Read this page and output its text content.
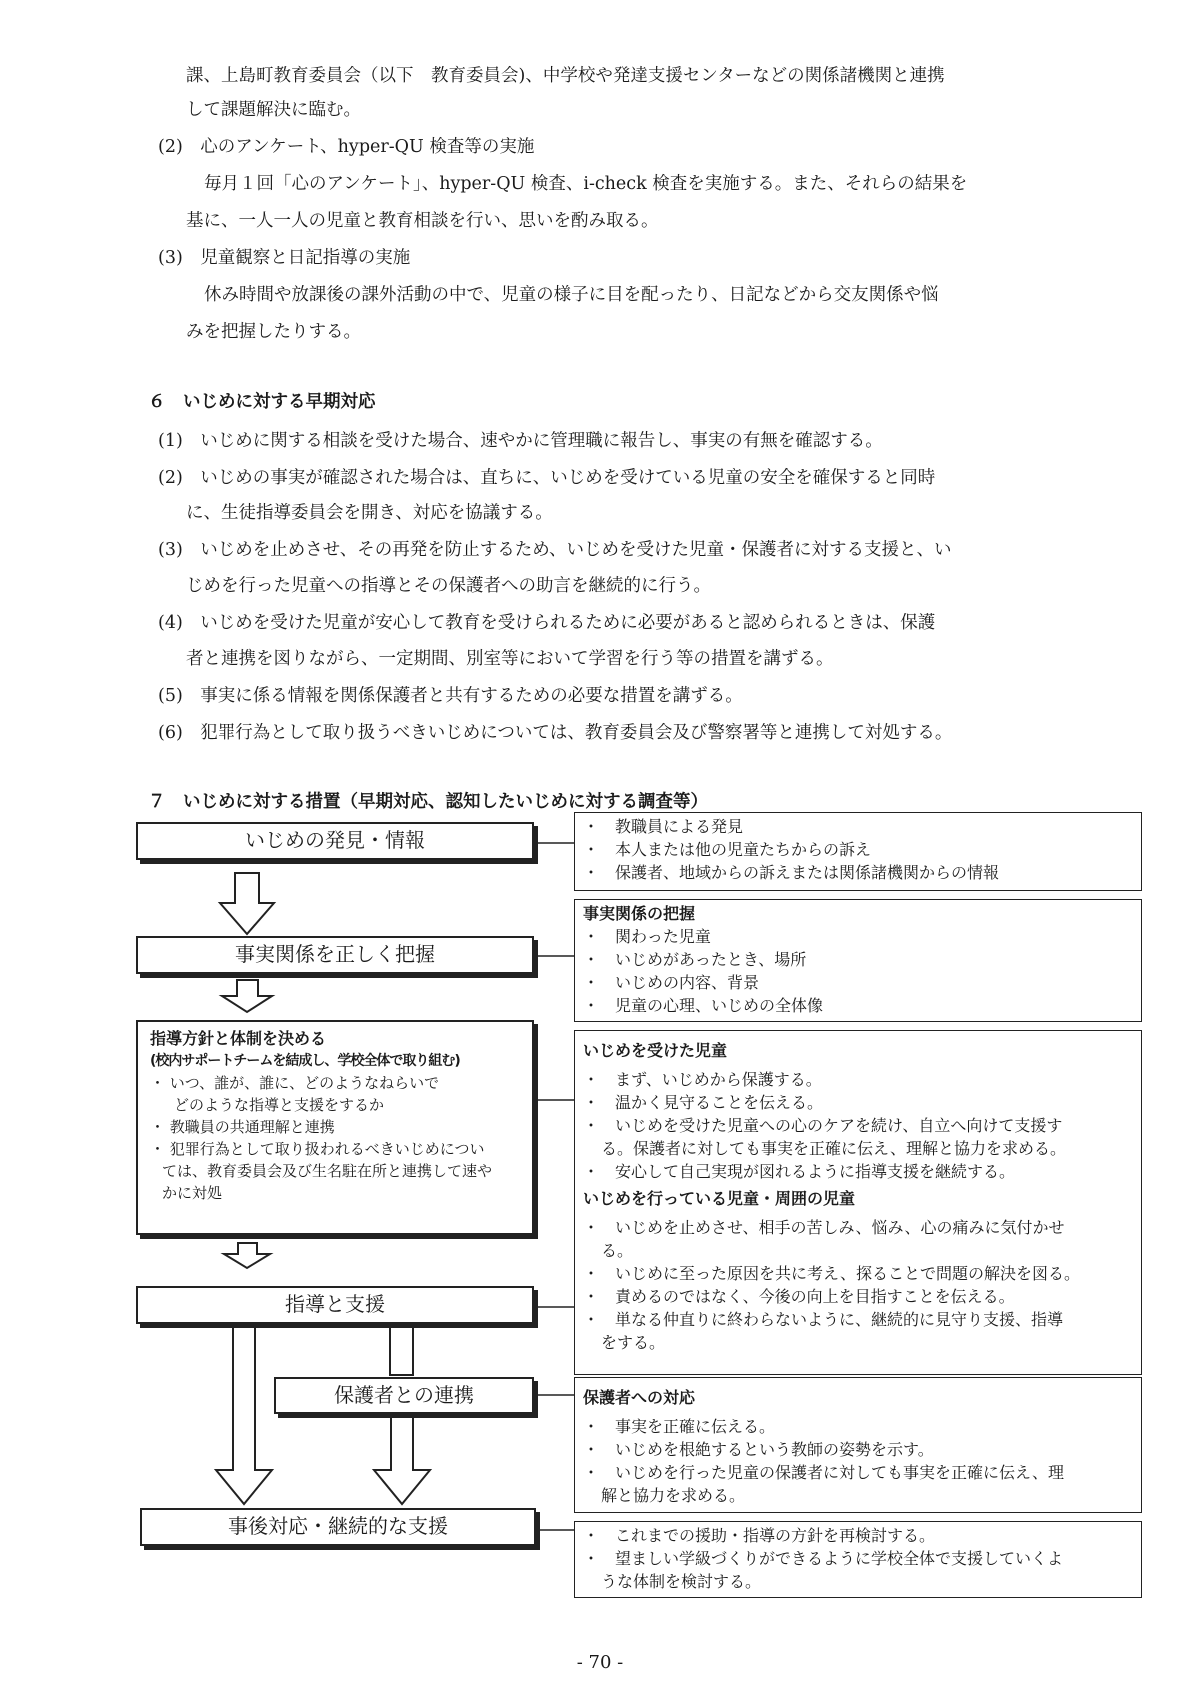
課、上島町教育委員会（以下　教育委員会)、中学校や発達支援センターなどの関係諸機関と連携
して課題解決に臨む。
(2)　心のアンケート、hyper-QU 検査等の実施
毎月１回「心のアンケート」、hyper-QU 検査、i-check 検査を実施する。また、それらの結果を
基に、一人一人の児童と教育相談を行い、思いを酌み取る。
(3)　児童観察と日記指導の実施
休み時間や放課後の課外活動の中で、児童の様子に目を配ったり、日記などから交友関係や悩
みを把握したりする。
６　いじめに対する早期対応
(1)　いじめに関する相談を受けた場合、速やかに管理職に報告し、事実の有無を確認する。
(2)　いじめの事実が確認された場合は、直ちに、いじめを受けている児童の安全を確保すると同時
に、生徒指導委員会を開き、対応を協議する。
(3)　いじめを止めさせ、その再発を防止するため、いじめを受けた児童・保護者に対する支援と、い
じめを行った児童への指導とその保護者への助言を継続的に行う。
(4)　いじめを受けた児童が安心して教育を受けられるために必要があると認められるときは、保護
者と連携を図りながら、一定期間、別室等において学習を行う等の措置を講ずる。
(5)　事実に係る情報を関係保護者と共有するための必要な措置を講ずる。
(6)　犯罪行為として取り扱うべきいじめについては、教育委員会及び警察署等と連携して対処する。
７　いじめに対する措置（早期対応、認知したいじめに対する調査等）
いじめの発見・情報
事実関係を正しく把握
指導方針と体制を決める
(校内サポートチームを結成し、学校全体で取り組む)
・ いつ、誰が、誰に、どのようなねらいで
どのような指導と支援をするか
・ 教職員の共通理解と連携
・ 犯罪行為として取り扱われるべきいじめについ
ては、教育委員会及び生名駐在所と連携して速や
かに対処
指導と支援
保護者との連携
事後対応・継続的な支援
・　教職員による発見
・　本人または他の児童たちからの訴え
・　保護者、地域からの訴えまたは関係諸機関からの情報
事実関係の把握
・　関わった児童
・　いじめがあったとき、場所
・　いじめの内容、背景
・　児童の心理、いじめの全体像
いじめを受けた児童
・　まず、いじめから保護する。
・　温かく見守ることを伝える。
・　いじめを受けた児童への心のケアを続け、自立へ向けて支援す
る。保護者に対しても事実を正確に伝え、理解と協力を求める。
・　安心して自己実現が図れるように指導支援を継続する。
いじめを行っている児童・周囲の児童
・　いじめを止めさせ、相手の苦しみ、悩み、心の痛みに気付かせ
る。
・　いじめに至った原因を共に考え、探ることで問題の解決を図る。
・　責めるのではなく、今後の向上を目指すことを伝える。
・　単なる仲直りに終わらないように、継続的に見守り支援、指導
をする。
保護者への対応
・　事実を正確に伝える。
・　いじめを根絶するという教師の姿勢を示す。
・　いじめを行った児童の保護者に対しても事実を正確に伝え、理
解と協力を求める。
・　これまでの援助・指導の方針を再検討する。
・　望ましい学級づくりができるように学校全体で支援していくよ
うな体制を検討する。
- 70 -
